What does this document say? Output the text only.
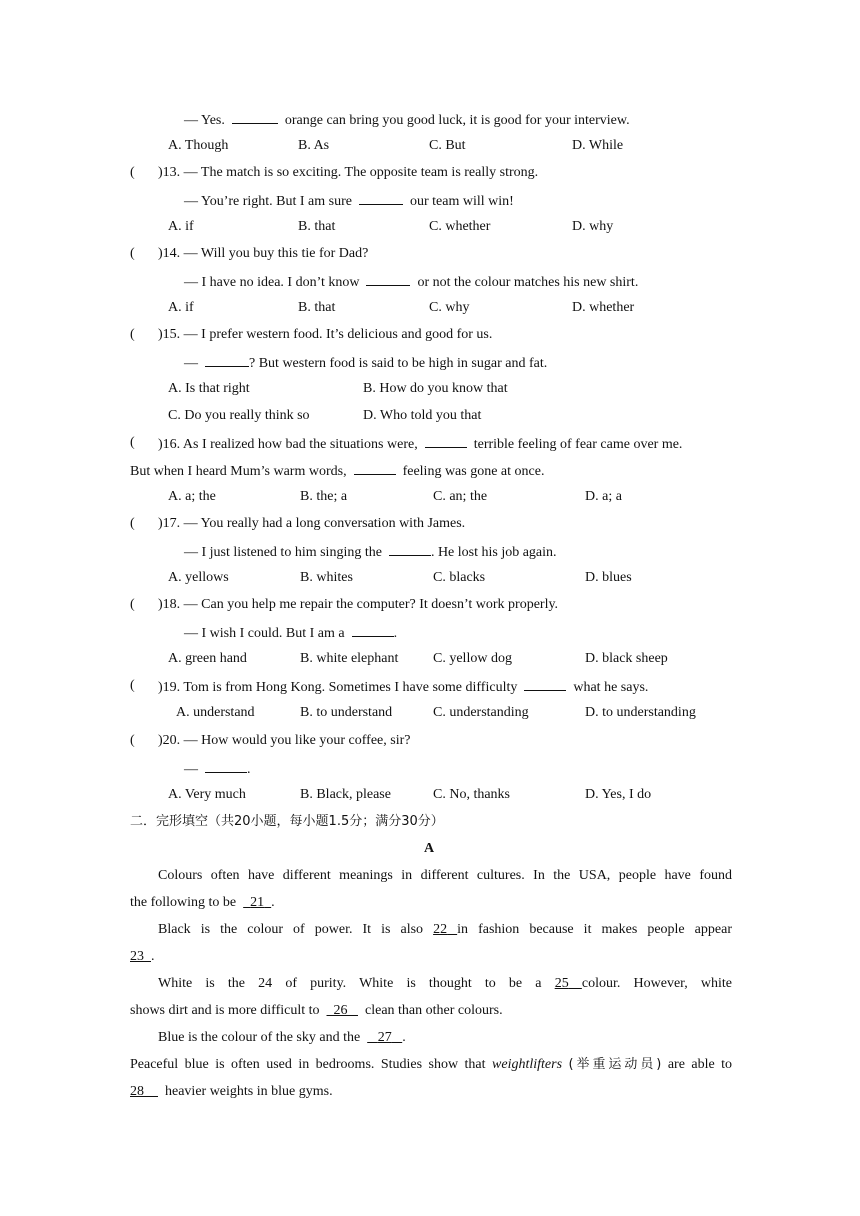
— Yes.	orange can bring you good luck, it is good for your interview.
A. Though	B. As	C. But	D. While
( )13. — The match is so exciting. The opposite team is really strong.
— You’re right. But I am sure	our team will win!
A. if	B. that	C. whether	D. why
( )14. — Will you buy this tie for Dad?
— I have no idea. I don’t know	or not the colour matches his new shirt.
A. if	B. that	C. why	D. whether
( )15. — I prefer western food. It’s delicious and good for us.
—	? But western food is said to be high in sugar and fat.
A. Is that right	B. How do you know that
C. Do you really think so	D. Who told you that
( )16. As I realized how bad the situations were,	terrible feeling of fear came over me.
But when I heard Mum’s warm words,	feeling was gone at once.
A. a; the	B. the; a	C. an; the	D. a; a
( )17. — You really had a long conversation with James.
— I just listened to him singing the	. He lost his job again.
A. yellows	B. whites	C. blacks	D. blues
( )18. — Can you help me repair the computer? It doesn’t work properly.
— I wish I could. But I am a	.
A. green hand	B. white elephant C. yellow dog	D. black sheep
( )19. Tom is from Hong Kong. Sometimes I have some difficulty	what he says.
A. understand	B. to understand	C. understanding	D. to understanding
( )20. — How would you like your coffee, sir?
—	.
A. Very much	B. Black, please	C. No, thanks	D. Yes, I do
二．完形填空（共20小题，每小题1.5分；满分30分）
A
Colours often have different meanings in different cultures. In the USA, people have found
the following to be 21 .
Black is the colour of power. It is also 22 in fashion because it makes people appear
23 .
White is the 24 of purity. White is thought to be a 25 colour. However, white
shows dirt and is more difficult to 26 clean than other colours.
Blue is the colour of the sky and the 27 .
Peaceful blue is often used in bedrooms. Studies show that weightlifters (举重运动员) are able to
28 heavier weights in blue gyms.
